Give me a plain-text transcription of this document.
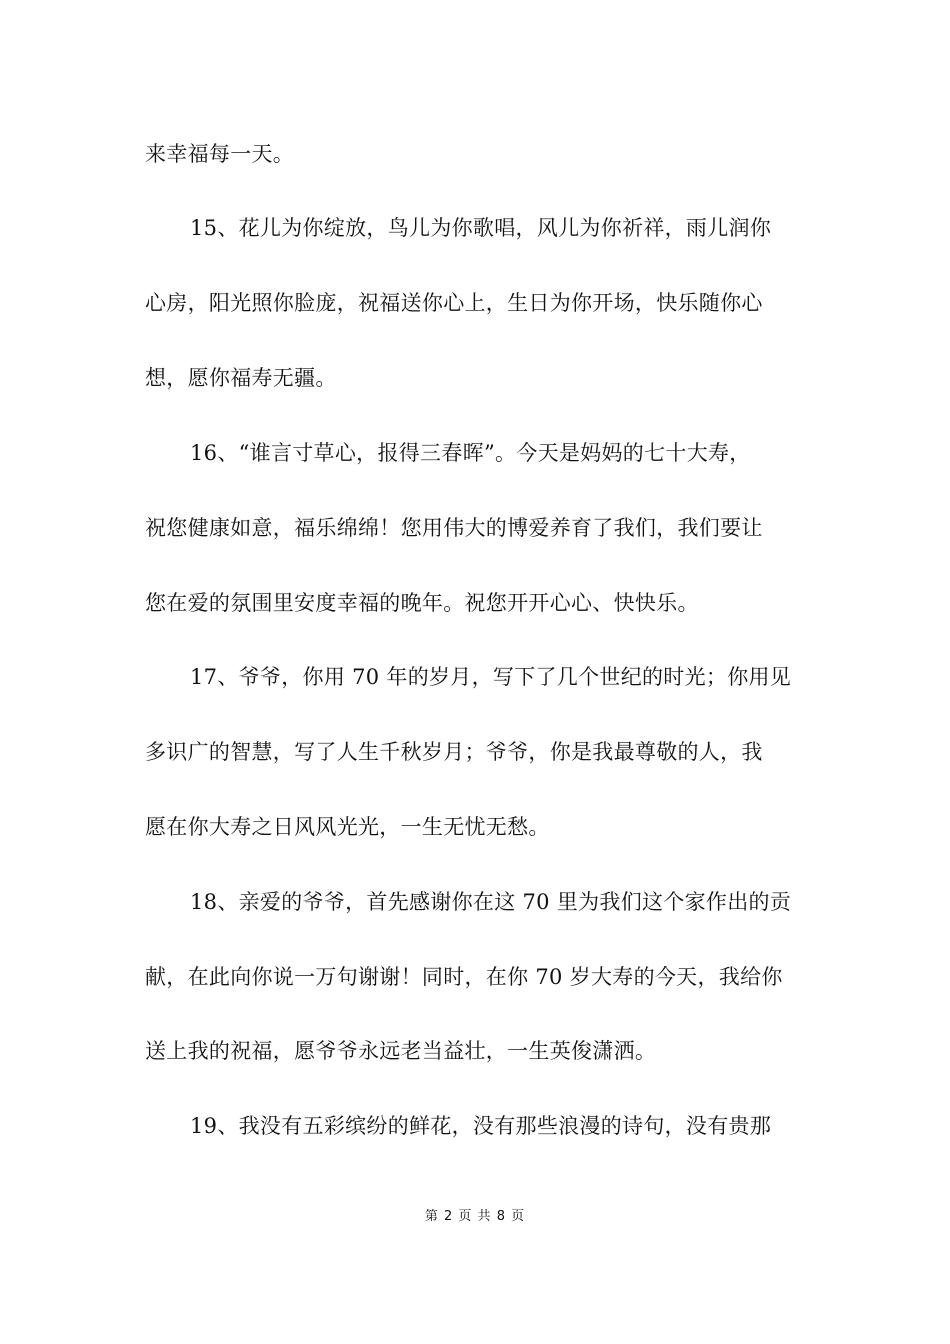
来幸福每一天。
15、花儿为你绽放，鸟儿为你歌唱，风儿为你祈祥，雨儿润你
心房，阳光照你脸庞，祝福送你心上，生日为你开场，快乐随你心
想，愿你福寿无疆。
16、“谁言寸草心，报得三春晖”。今天是妈妈的七十大寿，
祝您健康如意，福乐绵绵！您用伟大的博爱养育了我们，我们要让
您在爱的氛围里安度幸福的晚年。祝您开开心心、快快乐。
17、爷爷，你用 70 年的岁月，写下了几个世纪的时光；你用见
多识广的智慧，写了人生千秋岁月；爷爷，你是我最尊敬的人，我
愿在你大寿之日风风光光，一生无忧无愁。
18、亲爱的爷爷，首先感谢你在这 70 里为我们这个家作出的贡
献，在此向你说一万句谢谢！同时，在你 70 岁大寿的今天，我给你
送上我的祝福，愿爷爷永远老当益壮，一生英俊潇洒。
19、我没有五彩缤纷的鲜花，没有那些浪漫的诗句，没有贵那
第 2 页 共 8 页
